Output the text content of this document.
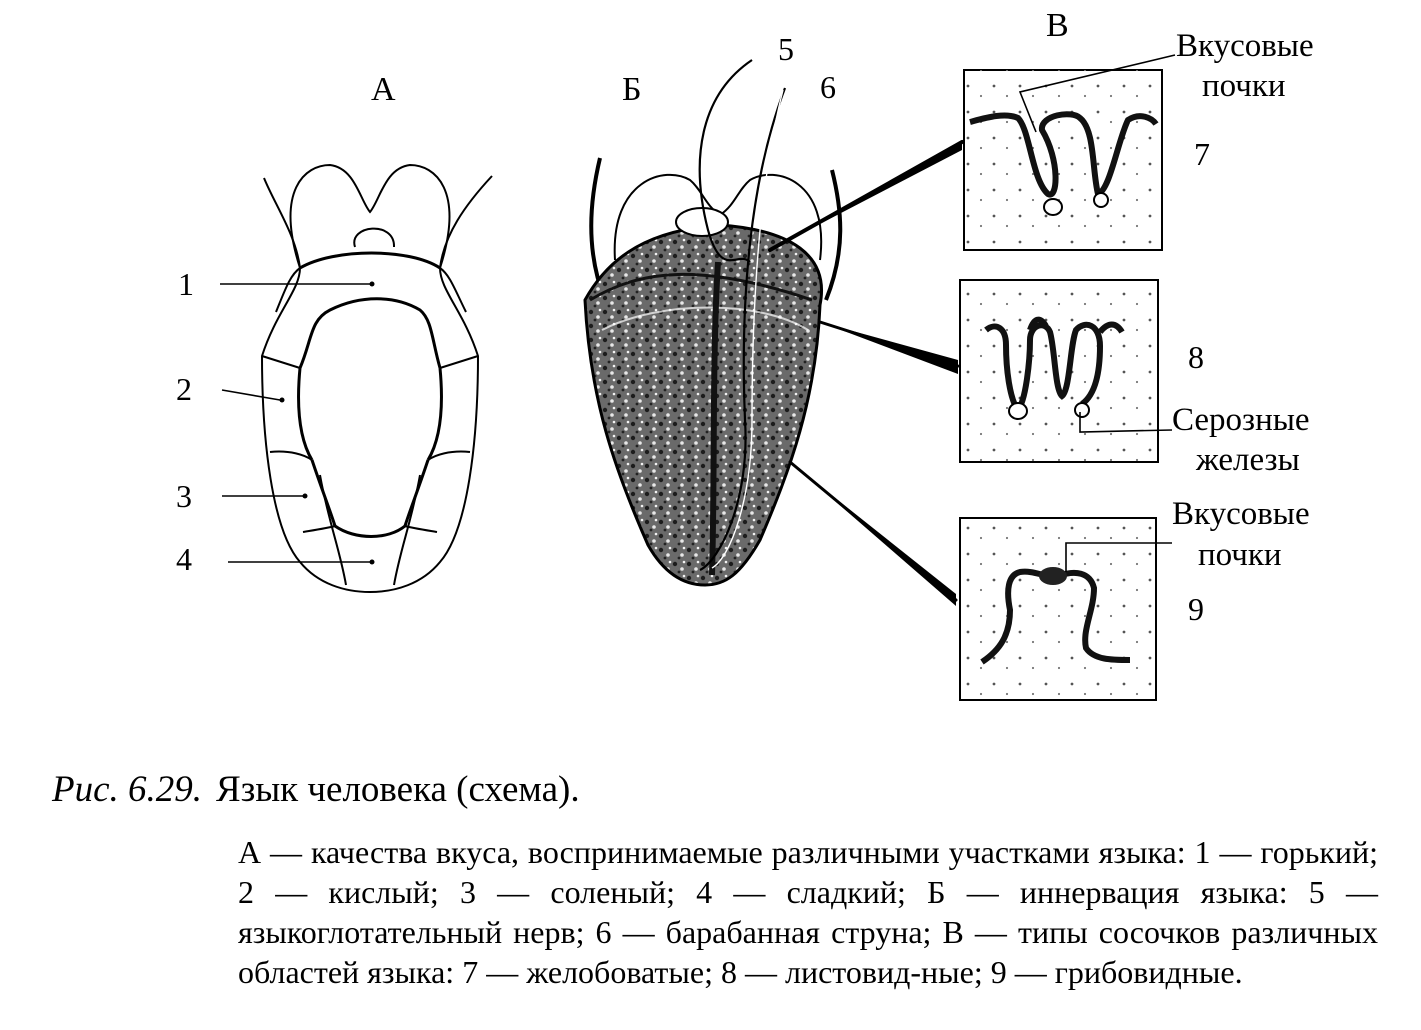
А	Б
В
1
2
3
4
5
6
7
8
9
Вкусовые
почки
Серозные
железы
Вкусовые
почки
Рис. 6.29. Язык человека (схема).
А — качества вкуса, воспринимаемые различными участками языка: 1 — горький; 2 — кислый; 3 — соленый; 4 — сладкий; Б — иннервация языка: 5 —языкоглотательный нерв; 6 — барабанная струна; В — типы сосочков различных областей языка: 7 — желобоватые; 8 — листовид-ные; 9 — грибовидные.
